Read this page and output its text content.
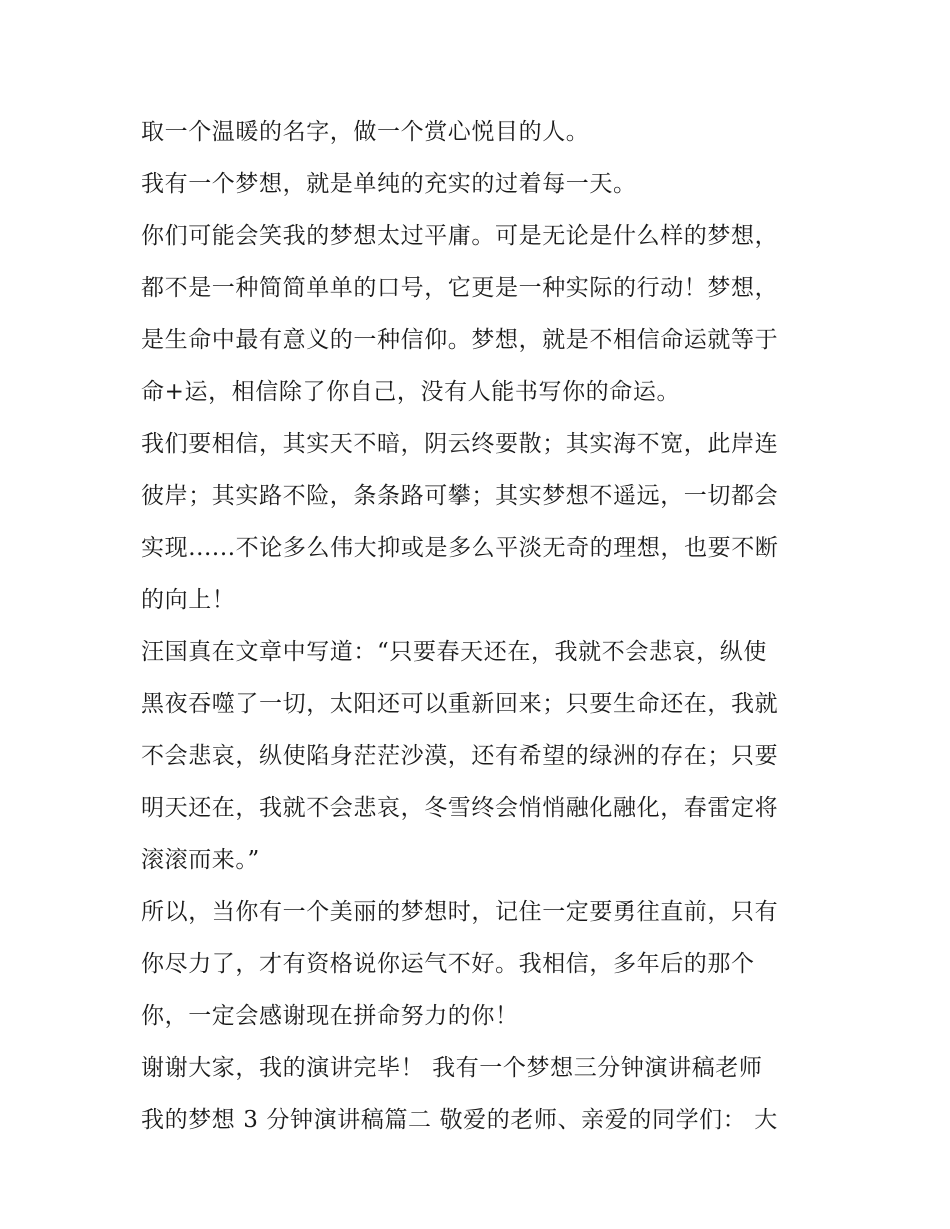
取一个温暖的名字，做一个赏心悦目的人。
我有一个梦想，就是单纯的充实的过着每一天。
你们可能会笑我的梦想太过平庸。可是无论是什么样的梦想，
都不是一种简简单单的口号，它更是一种实际的行动！梦想，
是生命中最有意义的一种信仰。梦想，就是不相信命运就等于
命+运，相信除了你自己，没有人能书写你的命运。
我们要相信，其实天不暗，阴云终要散；其实海不宽，此岸连
彼岸；其实路不险，条条路可攀；其实梦想不遥远，一切都会
实现......不论多么伟大抑或是多么平淡无奇的理想，也要不断
的向上！
汪国真在文章中写道：“只要春天还在，我就不会悲哀，纵使
黑夜吞噬了一切，太阳还可以重新回来；只要生命还在，我就
不会悲哀，纵使陷身茫茫沙漠，还有希望的绿洲的存在；只要
明天还在，我就不会悲哀，冬雪终会悄悄融化融化，春雷定将
滚滚而来。”
所以，当你有一个美丽的梦想时，记住一定要勇往直前，只有
你尽力了，才有资格说你运气不好。我相信，多年后的那个
你，一定会感谢现在拼命努力的你！
谢谢大家，我的演讲完毕！ 我有一个梦想三分钟演讲稿老师
我的梦想 3 分钟演讲稿篇二 敬爱的老师、亲爱的同学们： 大
